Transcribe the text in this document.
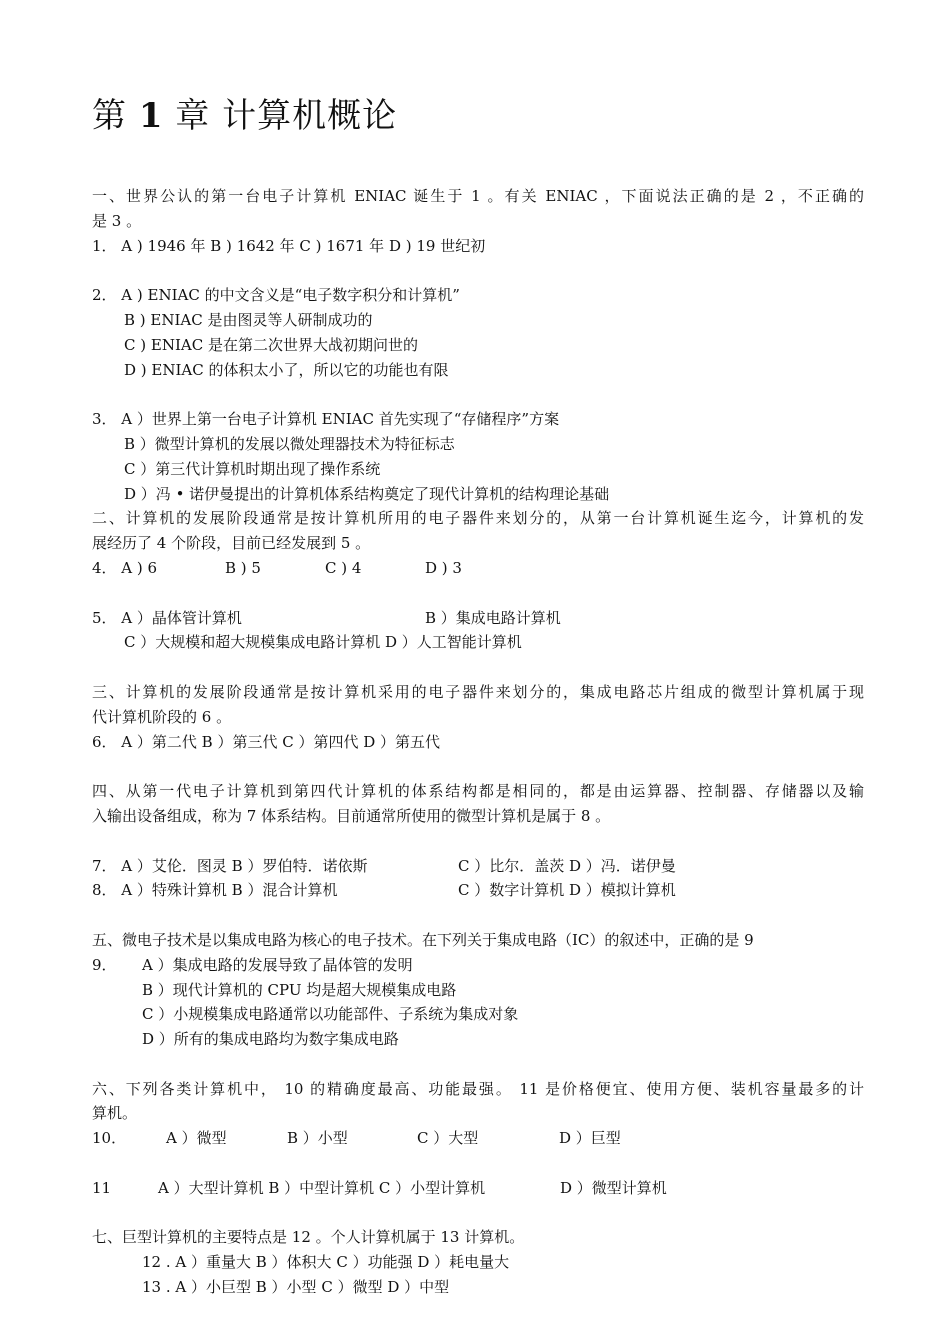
第 1 章 计算机概论
一、世界公认的第一台电子计算机 ENIAC 诞生于 1 。有关 ENIAC ，下面说法正确的是 2 ，不正确的
是 3 。
1． A ) 1946 年 B ) 1642 年 C ) 1671 年 D ) 19 世纪初
2． A ) ENIAC 的中文含义是“电子数字积分和计算机”
B ) ENIAC 是由图灵等人研制成功的
C ) ENIAC 是在第二次世界大战初期问世的
D ) ENIAC 的体积太小了，所以它的功能也有限
3． A ）世界上第一台电子计算机 ENIAC 首先实现了“存储程序”方案
B ）微型计算机的发展以微处理器技术为特征标志
C ）第三代计算机时期出现了操作系统
D ）冯 • 诺伊曼提出的计算机体系结构奠定了现代计算机的结构理论基础
二、计算机的发展阶段通常是按计算机所用的电子器件来划分的，从第一台计算机诞生迄今，计算机的发
展经历了 4 个阶段，目前已经发展到 5 。
4． A ) 6	B ) 5	C ) 4	D ) 3
5． A ）晶体管计算机	B ）集成电路计算机
C ）大规模和超大规模集成电路计算机 D ）人工智能计算机
三、计算机的发展阶段通常是按计算机采用的电子器件来划分的，集成电路芯片组成的微型计算机属于现
代计算机阶段的 6 。
6． A ）第二代 B ）第三代 C ）第四代 D ）第五代
四、从第一代电子计算机到第四代计算机的体系结构都是相同的，都是由运算器、控制器、存储器以及输
入输出设备组成，称为 7 体系结构。目前通常所使用的微型计算机是属于 8 。
7． A ）艾伦．图灵 B ）罗伯特．诺依斯	C ）比尔．盖茨 D ）冯．诺伊曼
8． A ）特殊计算机 B ）混合计算机	C ）数字计算机 D ）模拟计算机
五、微电子技术是以集成电路为核心的电子技术。在下列关于集成电路（IC）的叙述中，正确的是 9
9． A ）集成电路的发展导致了晶体管的发明
B ）现代计算机的 CPU 均是超大规模集成电路
C ）小规模集成电路通常以功能部件、子系统为集成对象
D ）所有的集成电路均为数字集成电路
六、下列各类计算机中， 10 的精确度最高、功能最强。 11 是价格便宜、使用方便、装机容量最多的计
算机。
10．	A ）微型	B ）小型	C ）大型	D ）巨型
11	A ）大型计算机 B ）中型计算机 C ）小型计算机	D ）微型计算机
七、巨型计算机的主要特点是 12 。个人计算机属于 13 计算机。
12 . A ）重量大 B ）体积大 C ）功能强 D ）耗电量大
13 . A ）小巨型 B ）小型 C ）微型 D ）中型
